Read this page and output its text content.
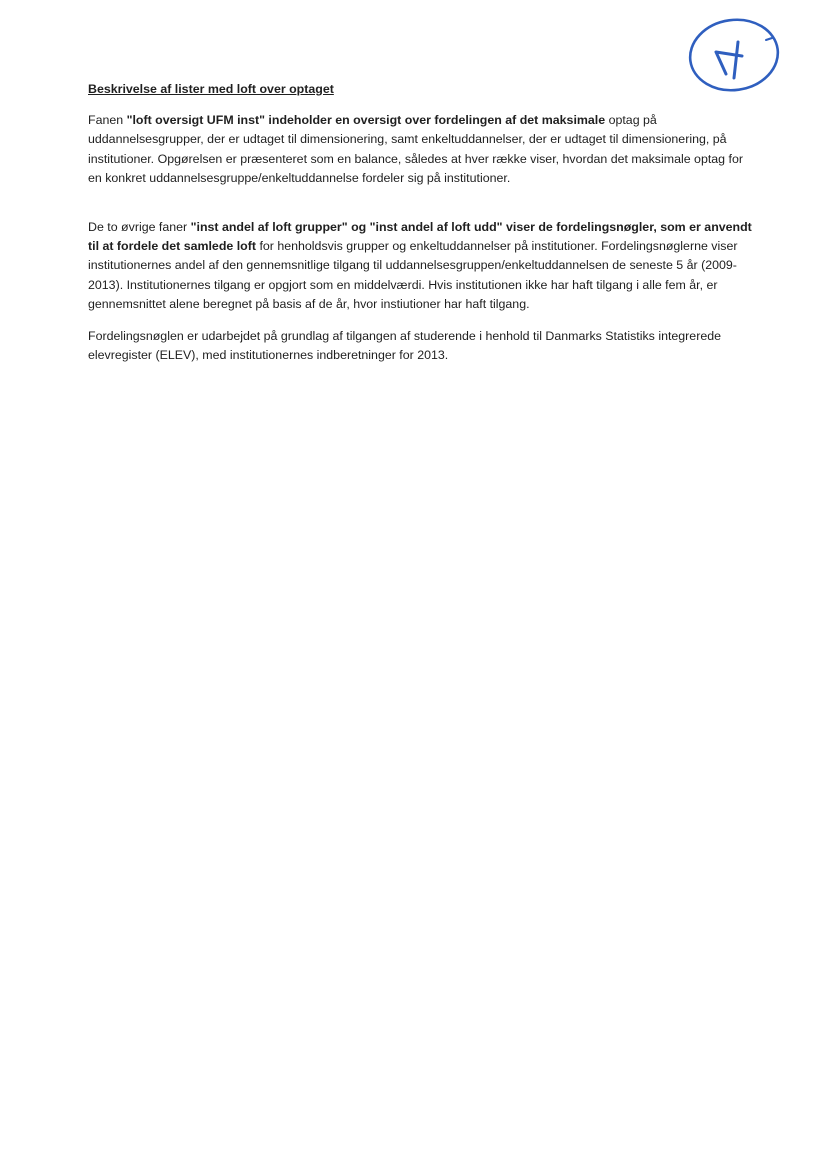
4

Beskrivelse af lister med loft over optaget

Fanen "loft oversigt UFM inst" indeholder en oversigt over fordelingen af det maksimale optag på uddannelsesgrupper, der er udtaget til dimensionering, samt enkeltuddannelser, der er udtaget til dimensionering, på institutioner. Opgørelsen er præsenteret som en balance, således at hver række viser, hvordan det maksimale optag for en konkret uddannelsesgruppe/enkeltuddannelse fordeler sig på institutioner.

De to øvrige faner "inst andel af loft grupper" og "inst andel af loft udd" viser de fordelingsnøgler, som er anvendt til at fordele det samlede loft for henholdsvis grupper og enkeltuddannelser på institutioner. Fordelingsnøglerne viser institutionernes andel af den gennemsnitlige tilgang til uddannelsesgruppen/enkeltuddannelsen de seneste 5 år (2009-2013). Institutionernes tilgang er opgjort som en middelværdi. Hvis institutionen ikke har haft tilgang i alle fem år, er gennemsnittet alene beregnet på basis af de år, hvor instiutioner har haft tilgang.

Fordelingsnøglen er udarbejdet på grundlag af tilgangen af studerende i henhold til Danmarks Statistiks integrerede elevregister (ELEV), med institutionernes indberetninger for 2013.
